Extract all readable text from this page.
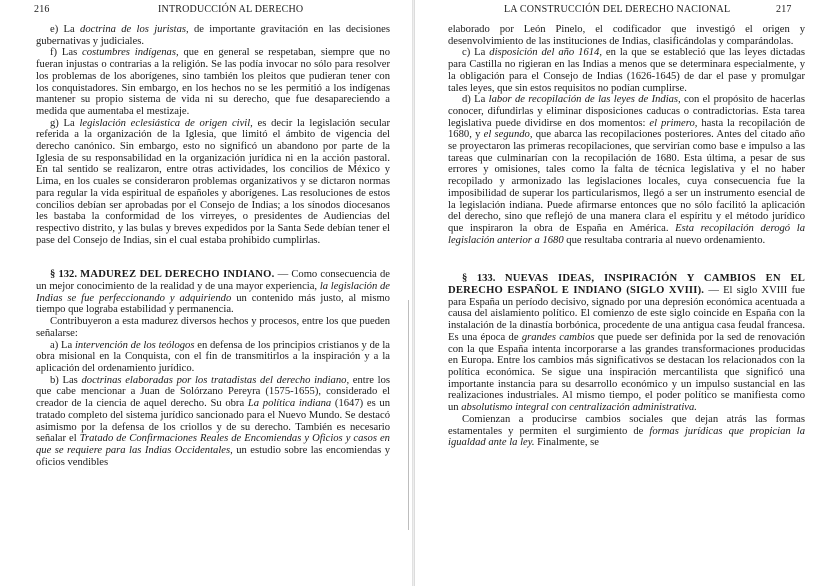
216	INTRODUCCIÓN AL DERECHO

e) La doctrina de los juristas, de importante gravitación en las decisiones gubernativas y judiciales.

f) Las costumbres indígenas, que en general se respetaban, siempre que no fueran injustas o contrarias a la religión. Se las podía invocar no sólo para resolver los problemas de los aborígenes, sino también los pleitos que pudieran tener con los conquistadores. Sin embargo, en los hechos no se les permitió a los indígenas mantener su propio sistema de vida ni su derecho, que fue desapareciendo a medida que aumentaba el mestizaje.

g) La legislación eclesiástica de origen civil, es decir la legislación secular referida a la organización de la Iglesia, que limitó el ámbito de vigencia del derecho canónico. Sin embargo, esto no significó un abandono por parte de la Iglesia de su responsabilidad en la organización jurídica ni en la acción pastoral. En tal sentido se realizaron, entre otras actividades, los concilios de México y Lima, en los cuales se consideraron problemas organizativos y se dictaron normas para regular la vida espiritual de españoles y aborígenes. Las resoluciones de estos concilios debían ser aprobadas por el Consejo de Indias; a los sínodos diocesanos les bastaba la conformidad de los virreyes, o presidentes de Audiencias del respectivo distrito, y las bulas y breves expedidos por la Santa Sede debían tener el pase del Consejo de Indias, sin el cual estaba prohibido cumplirlas.

§ 132. MADUREZ DEL DERECHO INDIANO. — Como consecuencia de un mejor conocimiento de la realidad y de una mayor experiencia, la legislación de Indias se fue perfeccionando y adquiriendo un contenido más justo, al mismo tiempo que lograba estabilidad y permanencia.

Contribuyeron a esta madurez diversos hechos y procesos, entre los que pueden señalarse:

a) La intervención de los teólogos en defensa de los principios cristianos y de la obra misional en la Conquista, con el fin de transmitirlos a la inspiración y a la aplicación del ordenamiento jurídico.

b) Las doctrinas elaboradas por los tratadistas del derecho indiano, entre los que cabe mencionar a Juan de Solórzano Pereyra (1575-1655), considerado el creador de la ciencia de aquel derecho. Su obra La política indiana (1647) es un tratado completo del sistema jurídico sancionado para el Nuevo Mundo. Se destacó asimismo por la defensa de los criollos y de su derecho. También es necesario señalar el Tratado de Confirmaciones Reales de Encomiendas y Oficios y casos en que se requiere para las Indias Occidentales, un estudio sobre las encomiendas y oficios vendibles

LA CONSTRUCCIÓN DEL DERECHO NACIONAL	217

elaborado por León Pinelo, el codificador que investigó el origen y desenvolvimiento de las instituciones de Indias, clasificándolas y comparándolas.

c) La disposición del año 1614, en la que se estableció que las leyes dictadas para Castilla no rigieran en las Indias a menos que se determinara especialmente, y la obligación para el Consejo de Indias (1626-1645) de dar el pase y promulgar tales leyes, que sin estos requisitos no podían cumplirse.

d) La labor de recopilación de las leyes de Indias, con el propósito de hacerlas conocer, difundirlas y eliminar disposiciones caducas o contradictorias. Esta tarea legislativa puede dividirse en dos momentos: el primero, hasta la recopilación de 1680, y el segundo, que abarca las recopilaciones posteriores. Antes del citado año se proyectaron las primeras recopilaciones, que servirían como base e impulso a las tareas que culminarían con la recopilación de 1680. Esta última, a pesar de sus errores y omisiones, tales como la falta de técnica legislativa y el no haber recopilado y armonizado las legislaciones locales, cuya consecuencia fue la imposibilidad de superar los particularismos, llegó a ser un instrumento esencial de la legislación indiana. Puede afirmarse entonces que no sólo facilitó la aplicación del derecho, sino que reflejó de una manera clara el espíritu y el método jurídico que inspiraron la obra de España en América. Esta recopilación derogó la legislación anterior a 1680 que resultaba contraria al nuevo ordenamiento.

§ 133. NUEVAS IDEAS, INSPIRACIÓN Y CAMBIOS EN EL DERECHO ESPAÑOL E INDIANO (SIGLO XVIII). — El siglo XVIII fue para España un período decisivo, signado por una depresión económica acentuada a causa del aislamiento político. El comienzo de este siglo coincide en España con la instalación de la dinastía borbónica, procedente de una antigua casa feudal francesa. Es una época de grandes cambios que puede ser definida por la sed de renovación con la que España intenta incorporarse a las grandes transformaciones producidas en Europa. Entre los cambios más significativos se destacan los relacionados con la política económica. Se sigue una inspiración mercantilista que significó una importante instancia para su desarrollo económico y un impulso sustancial en las realizaciones industriales. Al mismo tiempo, el poder político se manifiesta como un absolutismo integral con centralización administrativa.

Comienzan a producirse cambios sociales que dejan atrás las formas estamentales y permiten el surgimiento de formas jurídicas que propician la igualdad ante la ley. Finalmente, se
